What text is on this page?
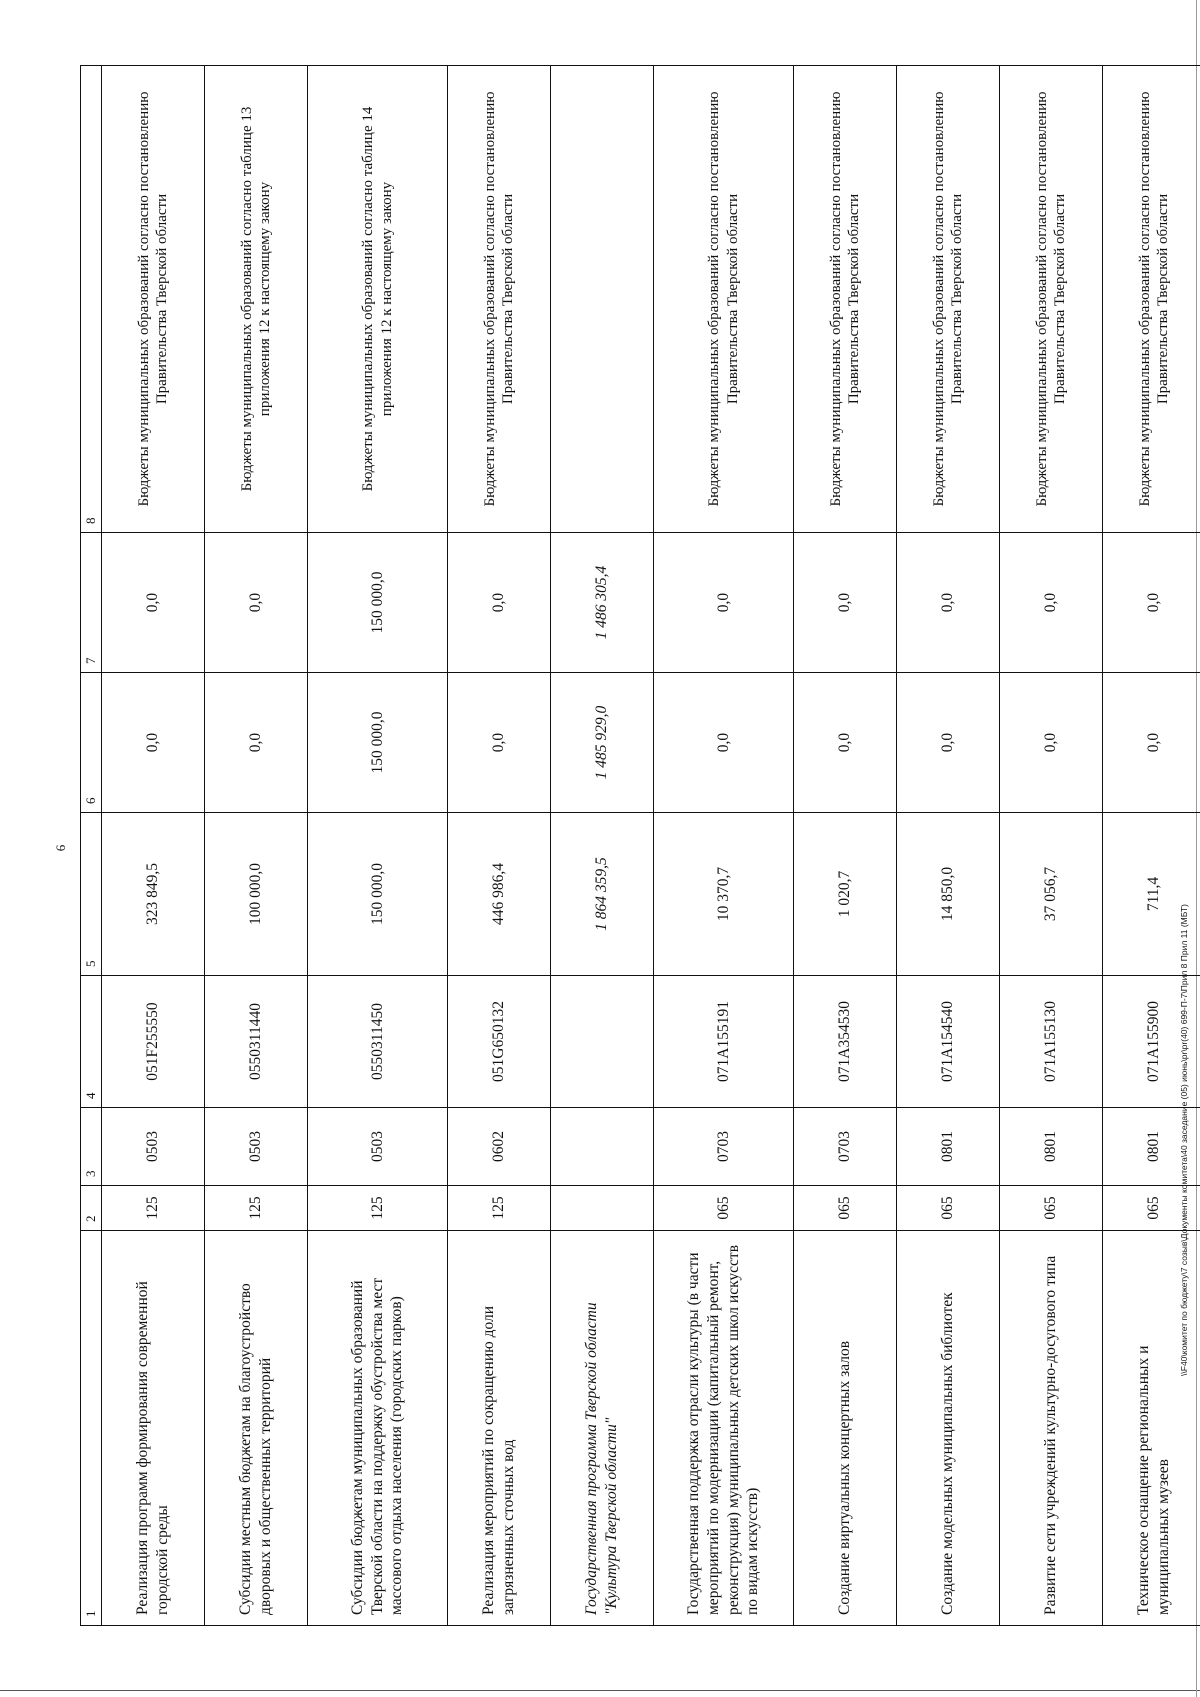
6
\\F40\комитет по бюджету\7 созыв\Документы комитета\40 заседание (05) июнь\pr\pr(40) 699-П-7\Прил 8 Прил 11 (МБТ)
1	2	3	4	5	6	7	8
Реализация программ формирования современной городской среды	125	0503	051F255550	323 849,5	0,0	0,0	Бюджеты муниципальных образований согласно постановлению Правительства Тверской области
Субсидии местным бюджетам на благоустройство дворовых и общественных территорий	125	0503	0550311440	100 000,0	0,0	0,0	Бюджеты муниципальных образований согласно таблице 13 приложения 12 к настоящему закону
Субсидии бюджетам муниципальных образований Тверской области на поддержку обустройства мест массового отдыха населения (городских парков)	125	0503	0550311450	150 000,0	150 000,0	150 000,0	Бюджеты муниципальных образований согласно таблице 14 приложения 12 к настоящему закону
Реализация мероприятий по сокращению доли загрязненных сточных вод	125	0602	051G650132	446 986,4	0,0	0,0	Бюджеты муниципальных образований согласно постановлению Правительства Тверской области
Государственная программа Тверской области "Культура Тверской области"				1 864 359,5	1 485 929,0	1 486 305,4	
Государственная поддержка отрасли культуры (в части мероприятий по модернизации (капитальный ремонт, реконструкция) муниципальных детских школ искусств по видам искусств)	065	0703	071A155191	10 370,7	0,0	0,0	Бюджеты муниципальных образований согласно постановлению Правительства Тверской области
Создание виртуальных концертных залов	065	0703	071A354530	1 020,7	0,0	0,0	Бюджеты муниципальных образований согласно постановлению Правительства Тверской области
Создание модельных муниципальных библиотек	065	0801	071A154540	14 850,0	0,0	0,0	Бюджеты муниципальных образований согласно постановлению Правительства Тверской области
Развитие сети учреждений культурно-досугового типа	065	0801	071A155130	37 056,7	0,0	0,0	Бюджеты муниципальных образований согласно постановлению Правительства Тверской области
Техническое оснащение региональных и муниципальных музеев	065	0801	071A155900	711,4	0,0	0,0	Бюджеты муниципальных образований согласно постановлению Правительства Тверской области
